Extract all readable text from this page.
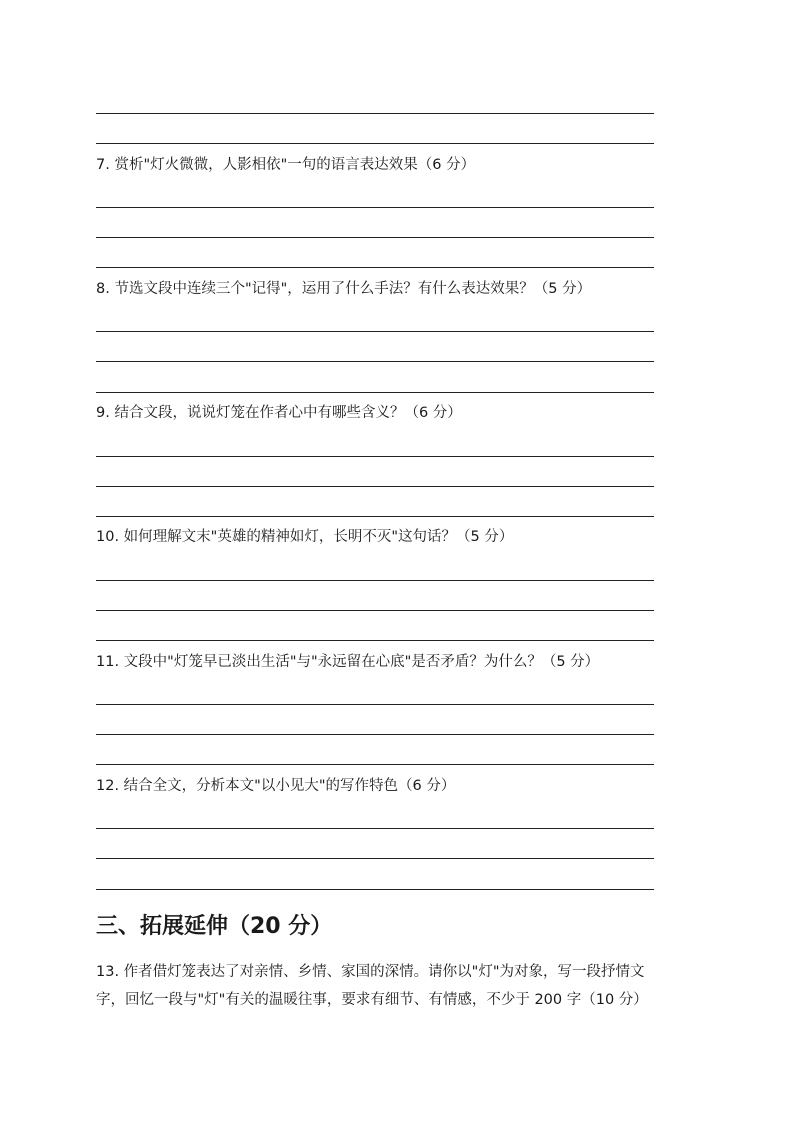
7. 赏析"灯火微微，人影相依"一句的语言表达效果（6 分）
8. 节选文段中连续三个"记得"，运用了什么手法？有什么表达效果？（5 分）
9. 结合文段，说说灯笼在作者心中有哪些含义？（6 分）
10. 如何理解文末"英雄的精神如灯，长明不灭"这句话？（5 分）
11. 文段中"灯笼早已淡出生活"与"永远留在心底"是否矛盾？为什么？（5 分）
12. 结合全文，分析本文"以小见大"的写作特色（6 分）
三、拓展延伸（20 分）
13. 作者借灯笼表达了对亲情、乡情、家国的深情。请你以"灯"为对象，写一段抒情文
字，回忆一段与"灯"有关的温暖往事，要求有细节、有情感，不少于 200 字（10 分）
